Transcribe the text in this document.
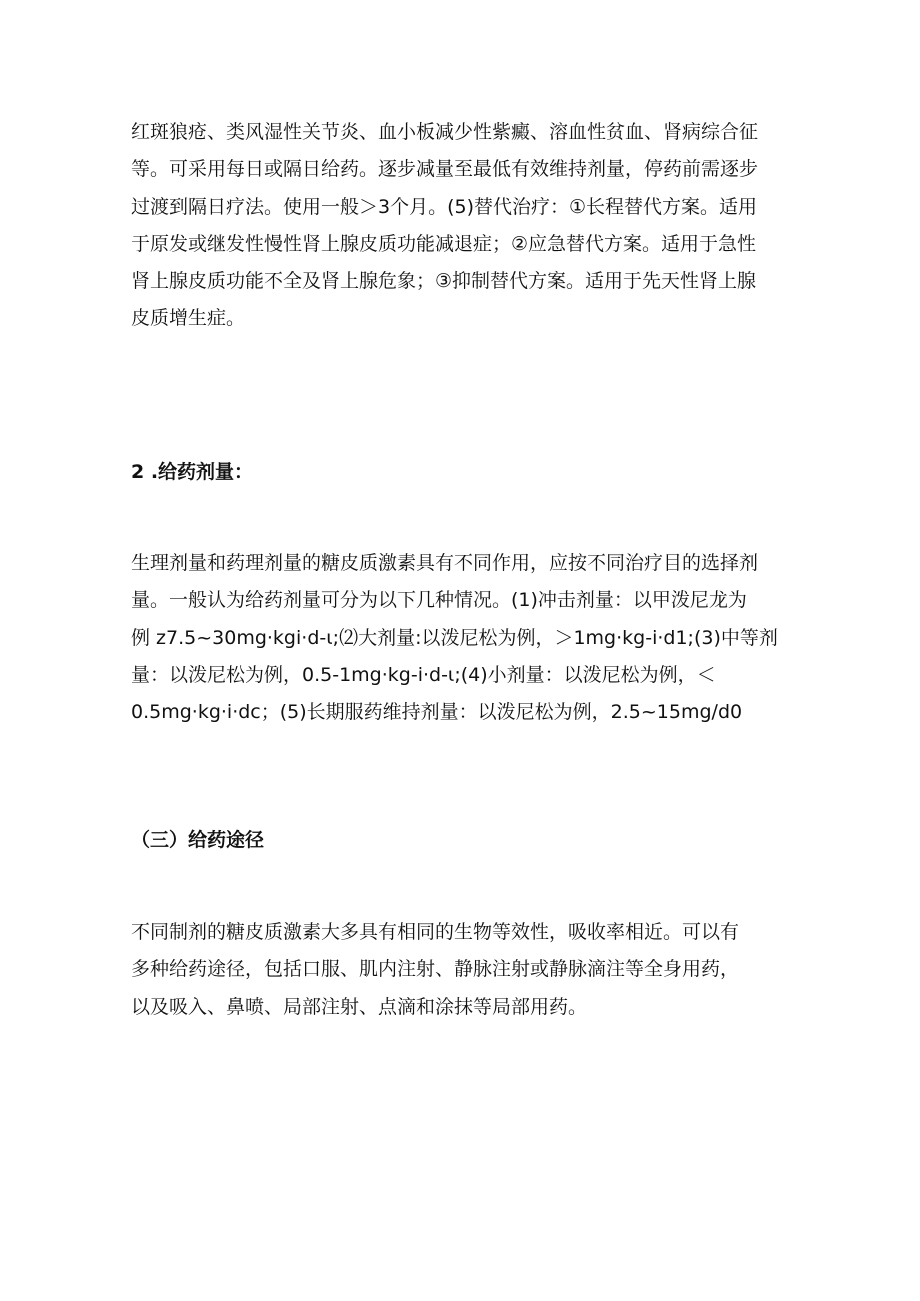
红斑狼疮、类风湿性关节炎、血小板减少性紫癜、溶血性贫血、肾病综合征
等。可采用每日或隔日给药。逐步减量至最低有效维持剂量，停药前需逐步
过渡到隔日疗法。使用一般＞3个月。(5)替代治疗：①长程替代方案。适用
于原发或继发性慢性肾上腺皮质功能减退症；②应急替代方案。适用于急性
肾上腺皮质功能不全及肾上腺危象；③抑制替代方案。适用于先天性肾上腺
皮质增生症。
2 .给药剂量：
生理剂量和药理剂量的糖皮质激素具有不同作用，应按不同治疗目的选择剂
量。一般认为给药剂量可分为以下几种情况。(1)冲击剂量：以甲泼尼龙为
例 z7.5~30mg·kgi·d-ι;⑵大剂量:以泼尼松为例，＞1mg·kg-i·d1;(3)中等剂
量：以泼尼松为例，0.5-1mg·kg-i·d-ι;(4)小剂量：以泼尼松为例，＜
0.5mg·kg·i·dc；(5)长期服药维持剂量：以泼尼松为例，2.5~15mg∕d0
（三）给药途径
不同制剂的糖皮质激素大多具有相同的生物等效性，吸收率相近。可以有
多种给药途径，包括口服、肌内注射、静脉注射或静脉滴注等全身用药，
以及吸入、鼻喷、局部注射、点滴和涂抹等局部用药。
